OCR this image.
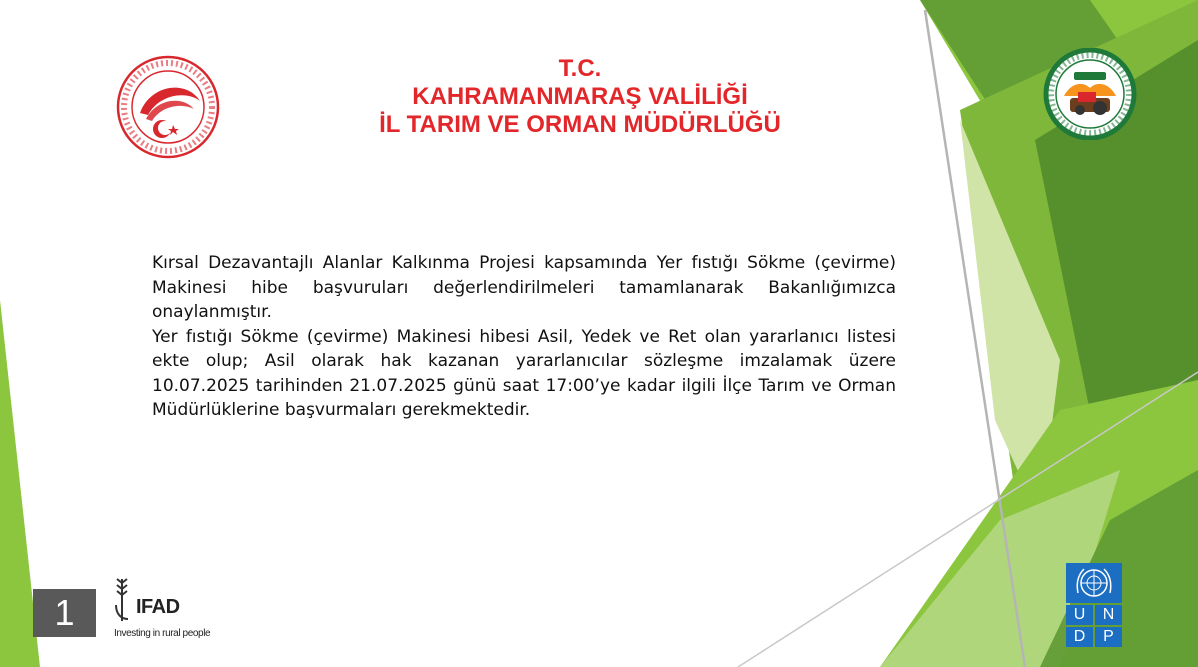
T.C.
KAHRAMANMARAŞ VALİLİĞİ
İL TARIM VE ORMAN MÜDÜRLÜĞÜ

Kırsal Dezavantajlı Alanlar Kalkınma Projesi kapsamında Yer fıstığı Sökme (çevirme) Makinesi hibe başvuruları değerlendirilmeleri tamamlanarak Bakanlığımızca onaylanmıştır.

Yer fıstığı Sökme (çevirme) Makinesi hibesi Asil, Yedek ve Ret olan yararlanıcı listesi ekte olup; Asil olarak hak kazanan yararlanıcılar sözleşme imzalamak üzere 10.07.2025 tarihinden 21.07.2025 günü saat 17:00’ye kadar ilgili İlçe Tarım ve Orman Müdürlüklerine başvurmaları gerekmektedir.

1	IFAD
Investing in rural people
U	N
D	P
